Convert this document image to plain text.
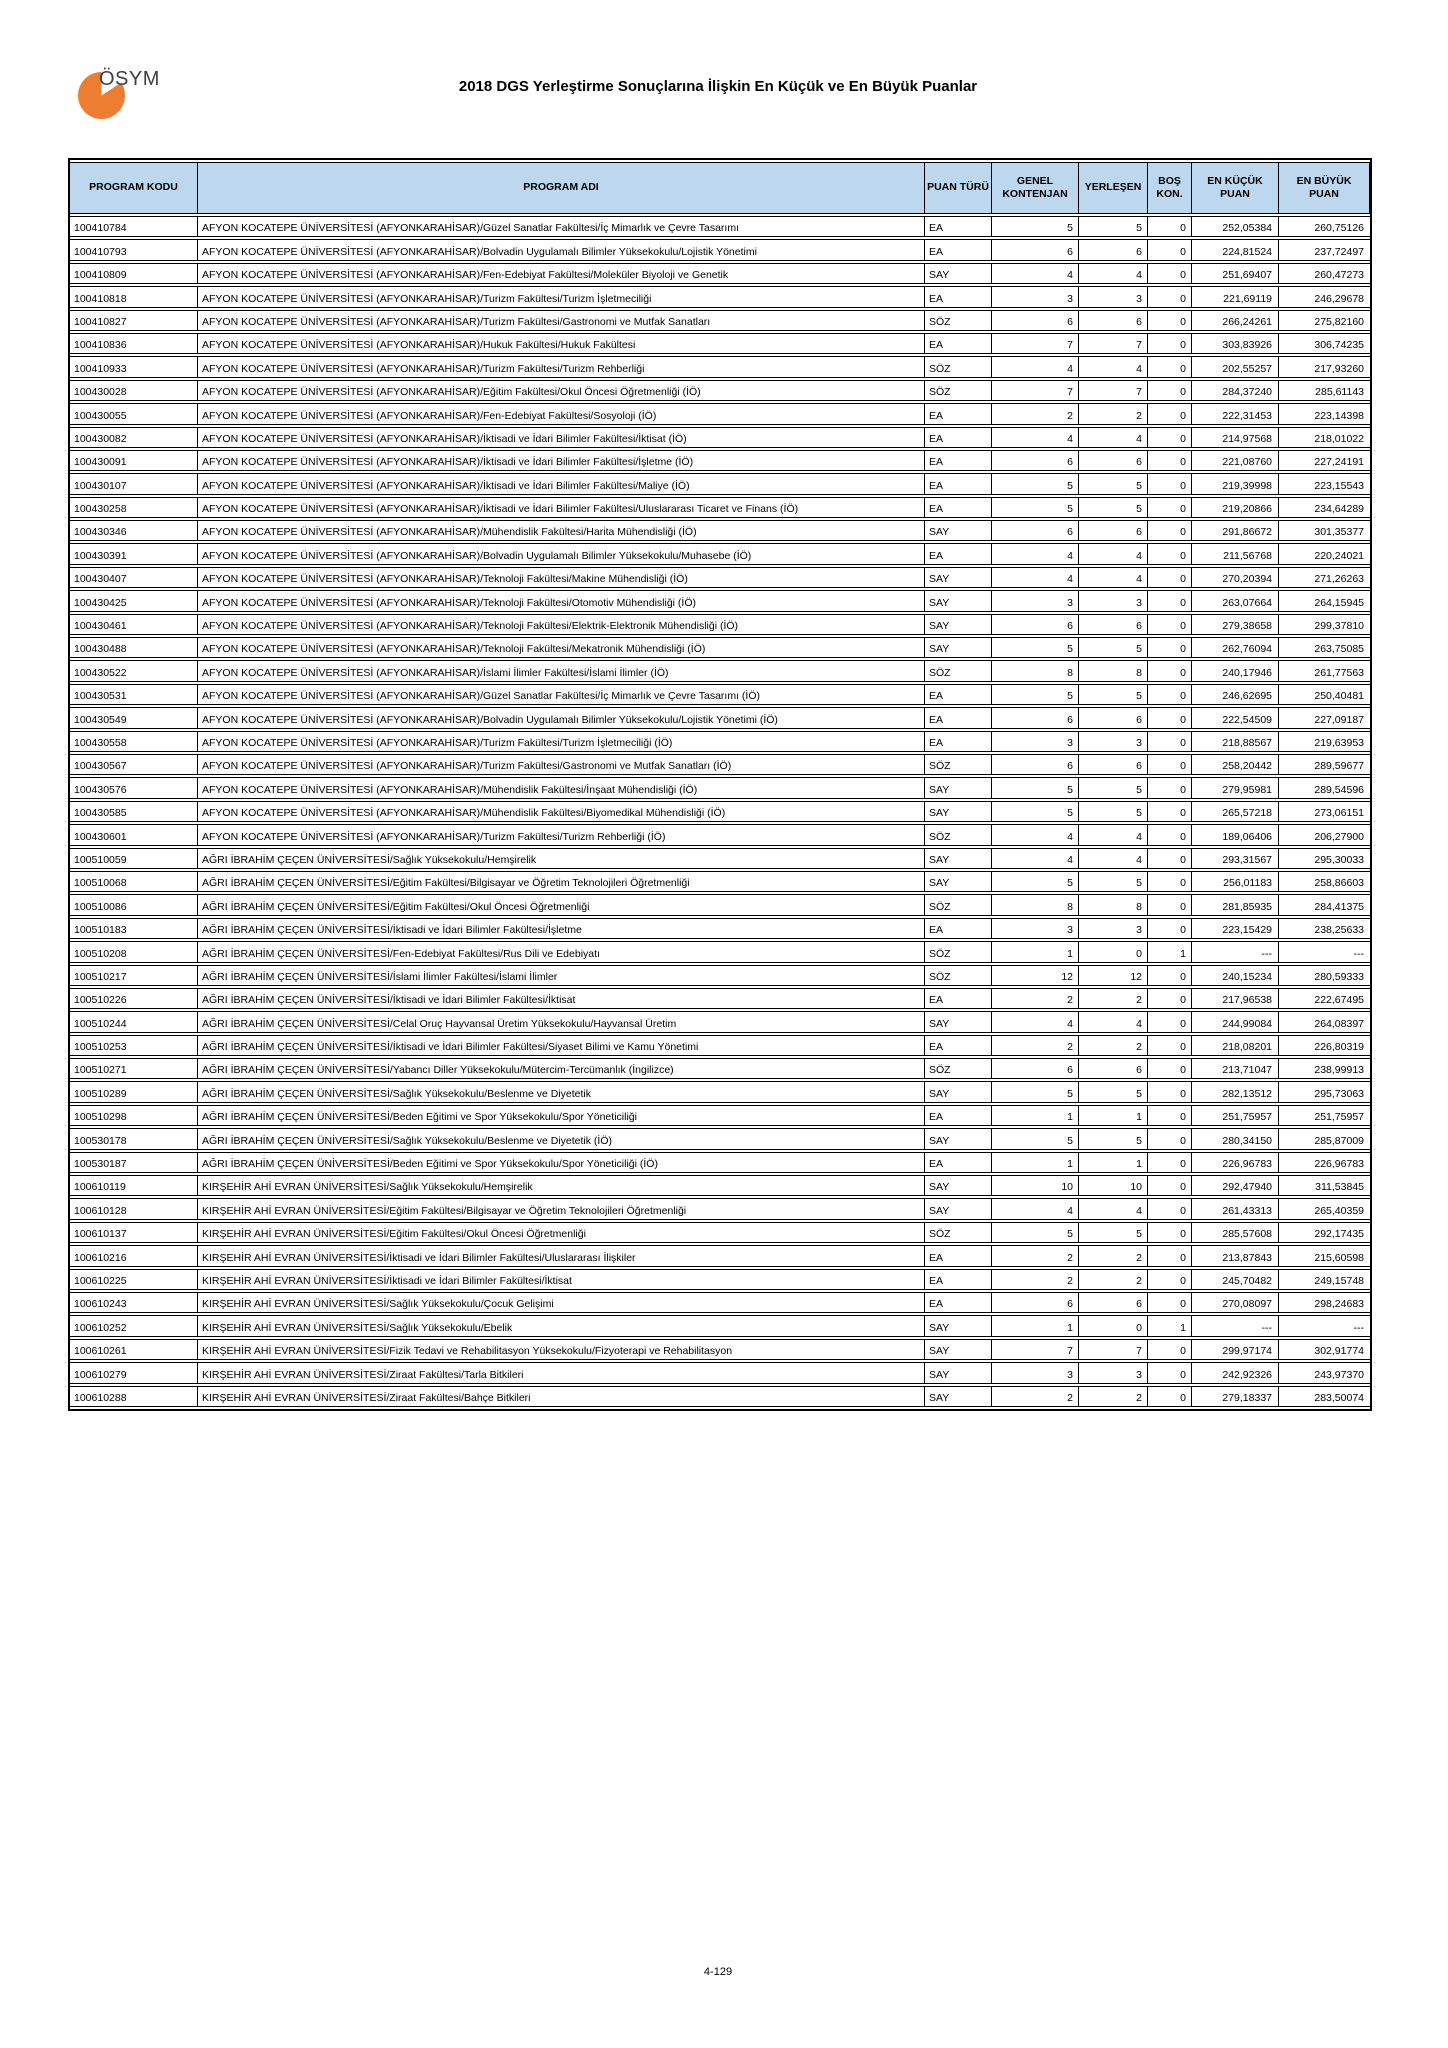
ÖSYM	2018 DGS Yerleştirme Sonuçlarına İlişkin En Küçük ve En Büyük Puanlar
PROGRAM KODU	PROGRAM ADI	PUAN TÜRÜ	GENEL KONTENJAN	YERLEŞEN	BOŞ KON.	EN KÜÇÜK PUAN	EN BÜYÜK PUAN
100410784	AFYON KOCATEPE ÜNİVERSİTESİ (AFYONKARAHİSAR)/Güzel Sanatlar Fakültesi/İç Mimarlık ve Çevre Tasarımı	EA	5	5	0	252,05384	260,75126
100410793	AFYON KOCATEPE ÜNİVERSİTESİ (AFYONKARAHİSAR)/Bolvadin Uygulamalı Bilimler Yüksekokulu/Lojistik Yönetimi	EA	6	6	0	224,81524	237,72497
100410809	AFYON KOCATEPE ÜNİVERSİTESİ (AFYONKARAHİSAR)/Fen-Edebiyat Fakültesi/Moleküler Biyoloji ve Genetik	SAY	4	4	0	251,69407	260,47273
100410818	AFYON KOCATEPE ÜNİVERSİTESİ (AFYONKARAHİSAR)/Turizm Fakültesi/Turizm İşletmeciliği	EA	3	3	0	221,69119	246,29678
100410827	AFYON KOCATEPE ÜNİVERSİTESİ (AFYONKARAHİSAR)/Turizm Fakültesi/Gastronomi ve Mutfak Sanatları	SÖZ	6	6	0	266,24261	275,82160
100410836	AFYON KOCATEPE ÜNİVERSİTESİ (AFYONKARAHİSAR)/Hukuk Fakültesi/Hukuk Fakültesi	EA	7	7	0	303,83926	306,74235
100410933	AFYON KOCATEPE ÜNİVERSİTESİ (AFYONKARAHİSAR)/Turizm Fakültesi/Turizm Rehberliği	SÖZ	4	4	0	202,55257	217,93260
100430028	AFYON KOCATEPE ÜNİVERSİTESİ (AFYONKARAHİSAR)/Eğitim Fakültesi/Okul Öncesi Öğretmenliği (İÖ)	SÖZ	7	7	0	284,37240	285,61143
100430055	AFYON KOCATEPE ÜNİVERSİTESİ (AFYONKARAHİSAR)/Fen-Edebiyat Fakültesi/Sosyoloji (İÖ)	EA	2	2	0	222,31453	223,14398
100430082	AFYON KOCATEPE ÜNİVERSİTESİ (AFYONKARAHİSAR)/İktisadi ve İdari Bilimler Fakültesi/İktisat (İÖ)	EA	4	4	0	214,97568	218,01022
100430091	AFYON KOCATEPE ÜNİVERSİTESİ (AFYONKARAHİSAR)/İktisadi ve İdari Bilimler Fakültesi/İşletme (İÖ)	EA	6	6	0	221,08760	227,24191
100430107	AFYON KOCATEPE ÜNİVERSİTESİ (AFYONKARAHİSAR)/İktisadi ve İdari Bilimler Fakültesi/Maliye (İÖ)	EA	5	5	0	219,39998	223,15543
100430258	AFYON KOCATEPE ÜNİVERSİTESİ (AFYONKARAHİSAR)/İktisadi ve İdari Bilimler Fakültesi/Uluslararası Ticaret ve Finans (İÖ)	EA	5	5	0	219,20866	234,64289
100430346	AFYON KOCATEPE ÜNİVERSİTESİ (AFYONKARAHİSAR)/Mühendislik Fakültesi/Harita Mühendisliği (İÖ)	SAY	6	6	0	291,86672	301,35377
100430391	AFYON KOCATEPE ÜNİVERSİTESİ (AFYONKARAHİSAR)/Bolvadin Uygulamalı Bilimler Yüksekokulu/Muhasebe (İÖ)	EA	4	4	0	211,56768	220,24021
100430407	AFYON KOCATEPE ÜNİVERSİTESİ (AFYONKARAHİSAR)/Teknoloji Fakültesi/Makine Mühendisliği (İÖ)	SAY	4	4	0	270,20394	271,26263
100430425	AFYON KOCATEPE ÜNİVERSİTESİ (AFYONKARAHİSAR)/Teknoloji Fakültesi/Otomotiv Mühendisliği (İÖ)	SAY	3	3	0	263,07664	264,15945
100430461	AFYON KOCATEPE ÜNİVERSİTESİ (AFYONKARAHİSAR)/Teknoloji Fakültesi/Elektrik-Elektronik Mühendisliği (İÖ)	SAY	6	6	0	279,38658	299,37810
100430488	AFYON KOCATEPE ÜNİVERSİTESİ (AFYONKARAHİSAR)/Teknoloji Fakültesi/Mekatronik Mühendisliği (İÖ)	SAY	5	5	0	262,76094	263,75085
100430522	AFYON KOCATEPE ÜNİVERSİTESİ (AFYONKARAHİSAR)/İslami İlimler Fakültesi/İslami İlimler (İÖ)	SÖZ	8	8	0	240,17946	261,77563
100430531	AFYON KOCATEPE ÜNİVERSİTESİ (AFYONKARAHİSAR)/Güzel Sanatlar Fakültesi/İç Mimarlık ve Çevre Tasarımı (İÖ)	EA	5	5	0	246,62695	250,40481
100430549	AFYON KOCATEPE ÜNİVERSİTESİ (AFYONKARAHİSAR)/Bolvadin Uygulamalı Bilimler Yüksekokulu/Lojistik Yönetimi (İÖ)	EA	6	6	0	222,54509	227,09187
100430558	AFYON KOCATEPE ÜNİVERSİTESİ (AFYONKARAHİSAR)/Turizm Fakültesi/Turizm İşletmeciliği (İÖ)	EA	3	3	0	218,88567	219,63953
100430567	AFYON KOCATEPE ÜNİVERSİTESİ (AFYONKARAHİSAR)/Turizm Fakültesi/Gastronomi ve Mutfak Sanatları (İÖ)	SÖZ	6	6	0	258,20442	289,59677
100430576	AFYON KOCATEPE ÜNİVERSİTESİ (AFYONKARAHİSAR)/Mühendislik Fakültesi/İnşaat Mühendisliği (İÖ)	SAY	5	5	0	279,95981	289,54596
100430585	AFYON KOCATEPE ÜNİVERSİTESİ (AFYONKARAHİSAR)/Mühendislik Fakültesi/Biyomedikal Mühendisliği (İÖ)	SAY	5	5	0	265,57218	273,06151
100430601	AFYON KOCATEPE ÜNİVERSİTESİ (AFYONKARAHİSAR)/Turizm Fakültesi/Turizm Rehberliği (İÖ)	SÖZ	4	4	0	189,06406	206,27900
100510059	AĞRI İBRAHİM ÇEÇEN ÜNİVERSİTESİ/Sağlık Yüksekokulu/Hemşirelik	SAY	4	4	0	293,31567	295,30033
100510068	AĞRI İBRAHİM ÇEÇEN ÜNİVERSİTESİ/Eğitim Fakültesi/Bilgisayar ve Öğretim Teknolojileri Öğretmenliği	SAY	5	5	0	256,01183	258,86603
100510086	AĞRI İBRAHİM ÇEÇEN ÜNİVERSİTESİ/Eğitim Fakültesi/Okul Öncesi Öğretmenliği	SÖZ	8	8	0	281,85935	284,41375
100510183	AĞRI İBRAHİM ÇEÇEN ÜNİVERSİTESİ/İktisadi ve İdari Bilimler Fakültesi/İşletme	EA	3	3	0	223,15429	238,25633
100510208	AĞRI İBRAHİM ÇEÇEN ÜNİVERSİTESİ/Fen-Edebiyat Fakültesi/Rus Dili ve Edebiyatı	SÖZ	1	0	1	---	---
100510217	AĞRI İBRAHİM ÇEÇEN ÜNİVERSİTESİ/İslami İlimler Fakültesi/İslami İlimler	SÖZ	12	12	0	240,15234	280,59333
100510226	AĞRI İBRAHİM ÇEÇEN ÜNİVERSİTESİ/İktisadi ve İdari Bilimler Fakültesi/İktisat	EA	2	2	0	217,96538	222,67495
100510244	AĞRI İBRAHİM ÇEÇEN ÜNİVERSİTESİ/Celal Oruç Hayvansal Üretim Yüksekokulu/Hayvansal Üretim	SAY	4	4	0	244,99084	264,08397
100510253	AĞRI İBRAHİM ÇEÇEN ÜNİVERSİTESİ/İktisadi ve İdari Bilimler Fakültesi/Siyaset Bilimi ve Kamu Yönetimi	EA	2	2	0	218,08201	226,80319
100510271	AĞRI İBRAHİM ÇEÇEN ÜNİVERSİTESİ/Yabancı Diller Yüksekokulu/Mütercim-Tercümanlık (İngilizce)	SÖZ	6	6	0	213,71047	238,99913
100510289	AĞRI İBRAHİM ÇEÇEN ÜNİVERSİTESİ/Sağlık Yüksekokulu/Beslenme ve Diyetetik	SAY	5	5	0	282,13512	295,73063
100510298	AĞRI İBRAHİM ÇEÇEN ÜNİVERSİTESİ/Beden Eğitimi ve Spor Yüksekokulu/Spor Yöneticiliği	EA	1	1	0	251,75957	251,75957
100530178	AĞRI İBRAHİM ÇEÇEN ÜNİVERSİTESİ/Sağlık Yüksekokulu/Beslenme ve Diyetetik (İÖ)	SAY	5	5	0	280,34150	285,87009
100530187	AĞRI İBRAHİM ÇEÇEN ÜNİVERSİTESİ/Beden Eğitimi ve Spor Yüksekokulu/Spor Yöneticiliği (İÖ)	EA	1	1	0	226,96783	226,96783
100610119	KIRŞEHİR AHİ EVRAN ÜNİVERSİTESİ/Sağlık Yüksekokulu/Hemşirelik	SAY	10	10	0	292,47940	311,53845
100610128	KIRŞEHİR AHİ EVRAN ÜNİVERSİTESİ/Eğitim Fakültesi/Bilgisayar ve Öğretim Teknolojileri Öğretmenliği	SAY	4	4	0	261,43313	265,40359
100610137	KIRŞEHİR AHİ EVRAN ÜNİVERSİTESİ/Eğitim Fakültesi/Okul Öncesi Öğretmenliği	SÖZ	5	5	0	285,57608	292,17435
100610216	KIRŞEHİR AHİ EVRAN ÜNİVERSİTESİ/İktisadi ve İdari Bilimler Fakültesi/Uluslararası İlişkiler	EA	2	2	0	213,87843	215,60598
100610225	KIRŞEHİR AHİ EVRAN ÜNİVERSİTESİ/İktisadi ve İdari Bilimler Fakültesi/İktisat	EA	2	2	0	245,70482	249,15748
100610243	KIRŞEHİR AHİ EVRAN ÜNİVERSİTESİ/Sağlık Yüksekokulu/Çocuk Gelişimi	EA	6	6	0	270,08097	298,24683
100610252	KIRŞEHİR AHİ EVRAN ÜNİVERSİTESİ/Sağlık Yüksekokulu/Ebelik	SAY	1	0	1	---	---
100610261	KIRŞEHİR AHİ EVRAN ÜNİVERSİTESİ/Fizik Tedavi ve Rehabilitasyon Yüksekokulu/Fizyoterapi ve Rehabilitasyon	SAY	7	7	0	299,97174	302,91774
100610279	KIRŞEHİR AHİ EVRAN ÜNİVERSİTESİ/Ziraat Fakültesi/Tarla Bitkileri	SAY	3	3	0	242,92326	243,97370
100610288	KIRŞEHİR AHİ EVRAN ÜNİVERSİTESİ/Ziraat Fakültesi/Bahçe Bitkileri	SAY	2	2	0	279,18337	283,50074
4-129
